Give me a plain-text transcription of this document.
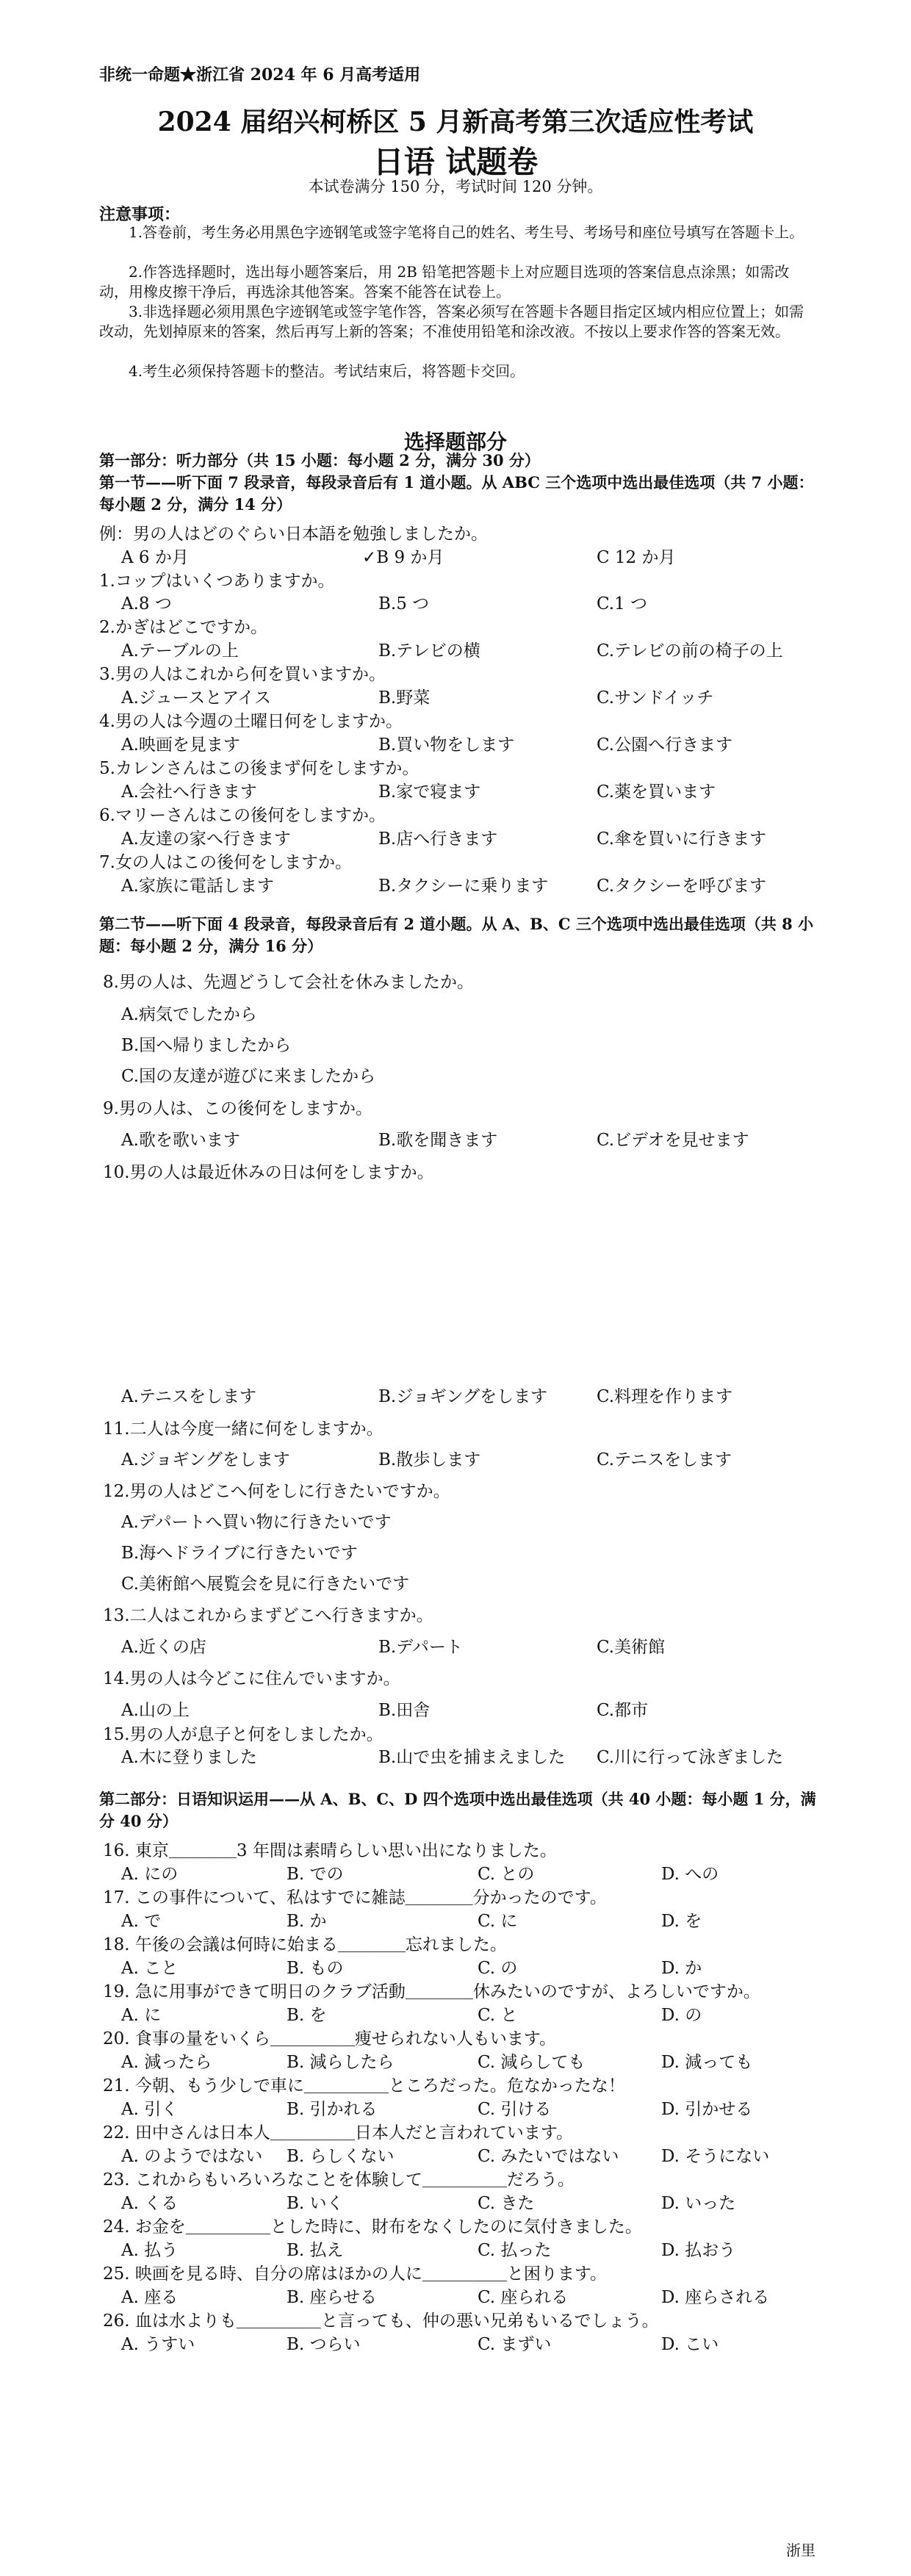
非统一命题★浙江省 2024 年 6 月高考适用
2024 届绍兴柯桥区 5 月新高考第三次适应性考试
日语 试题卷
本试卷满分 150 分，考试时间 120 分钟。
注意事项：
1.答卷前，考生务必用黑色字迹钢笔或签字笔将自己的姓名、考生号、考场号和座位号填写在答题卡上。
2.作答选择题时，选出每小题答案后，用 2B 铅笔把答题卡上对应题目选项的答案信息点涂黑；如需改动，用橡皮擦干净后，再选涂其他答案。答案不能答在试卷上。
3.非选择题必须用黑色字迹钢笔或签字笔作答，答案必须写在答题卡各题目指定区域内相应位置上；如需改动，先划掉原来的答案，然后再写上新的答案；不准使用铅笔和涂改液。不按以上要求作答的答案无效。
4.考生必须保持答题卡的整洁。考试结束后，将答题卡交回。
选择题部分
第一部分：听力部分（共 15 小题：每小题 2 分，满分 30 分）
第一节——听下面 7 段录音，每段录音后有 1 道小题。从 ABC 三个选项中选出最佳选项（共 7 小题：每小题 2 分，满分 14 分）
例：男の人はどのぐらい日本語を勉強しましたか。
A 6 か月	✓B 9 か月	C 12 か月
1.コップはいくつありますか。
A.8 つ	B.5 つ	C.1 つ
2.かぎはどこですか。
A.テーブルの上	B.テレビの横	C.テレビの前の椅子の上
3.男の人はこれから何を買いますか。
A.ジュースとアイス	B.野菜	C.サンドイッチ
4.男の人は今週の土曜日何をしますか。
A.映画を見ます	B.買い物をします	C.公園へ行きます
5.カレンさんはこの後まず何をしますか。
A.会社へ行きます	B.家で寝ます	C.薬を買います
6.マリーさんはこの後何をしますか。
A.友達の家へ行きます	B.店へ行きます	C.傘を買いに行きます
7.女の人はこの後何をしますか。
A.家族に電話します	B.タクシーに乗ります	C.タクシーを呼びます
第二节——听下面 4 段录音，每段录音后有 2 道小题。从 A、B、C 三个选项中选出最佳选项（共 8 小题：每小题 2 分，满分 16 分）
8.男の人は、先週どうして会社を休みましたか。
A.病気でしたから
B.国へ帰りましたから
C.国の友達が遊びに来ましたから
9.男の人は、この後何をしますか。
A.歌を歌います	B.歌を聞きます	C.ビデオを見せます
10.男の人は最近休みの日は何をしますか。
A.テニスをします	B.ジョギングをします	C.料理を作ります
11.二人は今度一緒に何をしますか。
A.ジョギングをします	B.散歩します	C.テニスをします
12.男の人はどこへ何をしに行きたいですか。
A.デパートへ買い物に行きたいです
B.海へドライブに行きたいです
C.美術館へ展覧会を見に行きたいです
13.二人はこれからまずどこへ行きますか。
A.近くの店	B.デパート	C.美術館
14.男の人は今どこに住んでいますか。
A.山の上	B.田舎	C.都市
15.男の人が息子と何をしましたか。
A.木に登りました	B.山で虫を捕まえました C.川に行って泳ぎました
第二部分：日语知识运用——从 A、B、C、D 四个选项中选出最佳选项（共 40 小题：每小题 1 分，满分 40 分）
16. 東京＿＿＿＿3 年間は素晴らしい思い出になりました。
A. にの	B. での	C. との	D. への
17. この事件について、私はすでに雑誌＿＿＿＿分かったのです。
A. で	B. か	C. に	D. を
18. 午後の会議は何時に始まる＿＿＿＿忘れました。
A. こと	B. もの	C. の	D. か
19. 急に用事ができて明日のクラブ活動＿＿＿＿休みたいのですが、よろしいですか。
A. に	B. を	C. と	D. の
20. 食事の量をいくら＿＿＿＿＿痩せられない人もいます。
A. 減ったら	B. 減らしたら	C. 減らしても	D. 減っても
21. 今朝、もう少しで車に＿＿＿＿＿ところだった。危なかったな！
A. 引く	B. 引かれる	C. 引ける	D. 引かせる
22. 田中さんは日本人＿＿＿＿＿日本人だと言われています。
A. のようではない B. らしくない	C. みたいではない	D. そうにない
23. これからもいろいろなことを体験して＿＿＿＿＿だろう。
A. くる	B. いく	C. きた	D. いった
24. お金を＿＿＿＿＿とした時に、財布をなくしたのに気付きました。
A. 払う	B. 払え	C. 払った	D. 払おう
25. 映画を見る時、自分の席はほかの人に＿＿＿＿＿と困ります。
A. 座る	B. 座らせる	C. 座られる	D. 座らされる
26. 血は水よりも＿＿＿＿＿と言っても、仲の悪い兄弟もいるでしょう。
A. うすい	B. つらい	C. まずい	D. こい
浙里
